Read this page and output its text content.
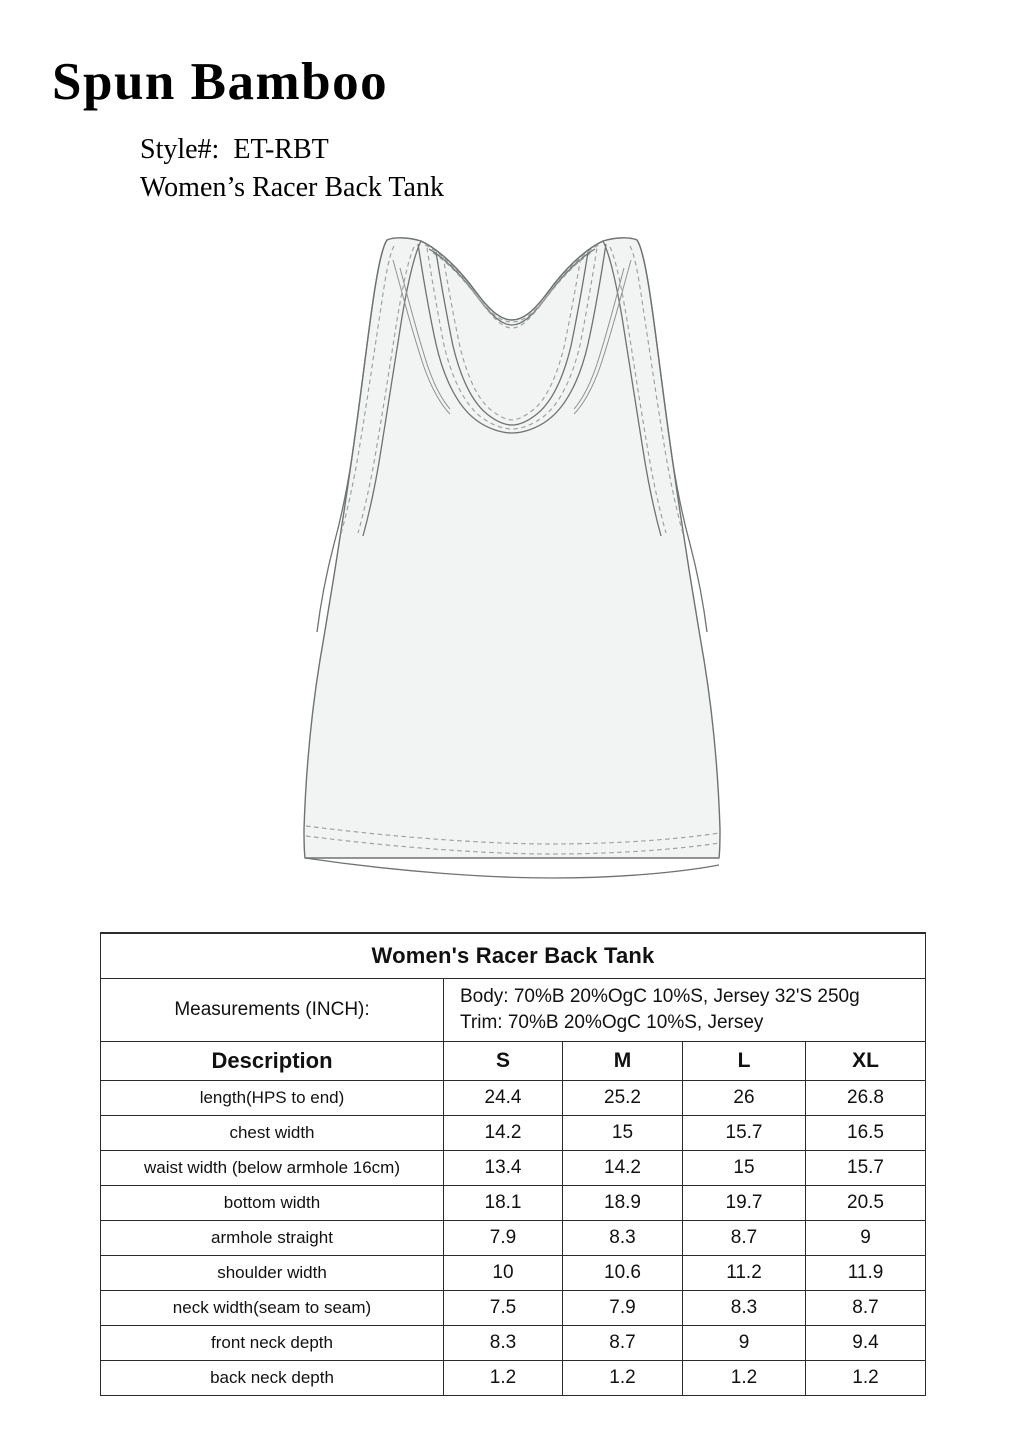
Spun Bamboo
Style#: ET-RBT
Women’s Racer Back Tank
Women's Racer Back Tank				
Measurements (INCH):	Body: 70%B 20%OgC 10%S, Jersey 32'S 250g
Trim: 70%B 20%OgC 10%S, Jersey			

Description	S	M	L	XL
length(HPS to end)	24.4	25.2	26	26.8
chest width	14.2	15	15.7	16.5
waist width (below armhole 16cm)	13.4	14.2	15	15.7
bottom width	18.1	18.9	19.7	20.5
armhole straight	7.9	8.3	8.7	9
shoulder width	10	10.6	11.2	11.9
neck width(seam to seam)	7.5	7.9	8.3	8.7
front neck depth	8.3	8.7	9	9.4
back neck depth	1.2	1.2	1.2	1.2
